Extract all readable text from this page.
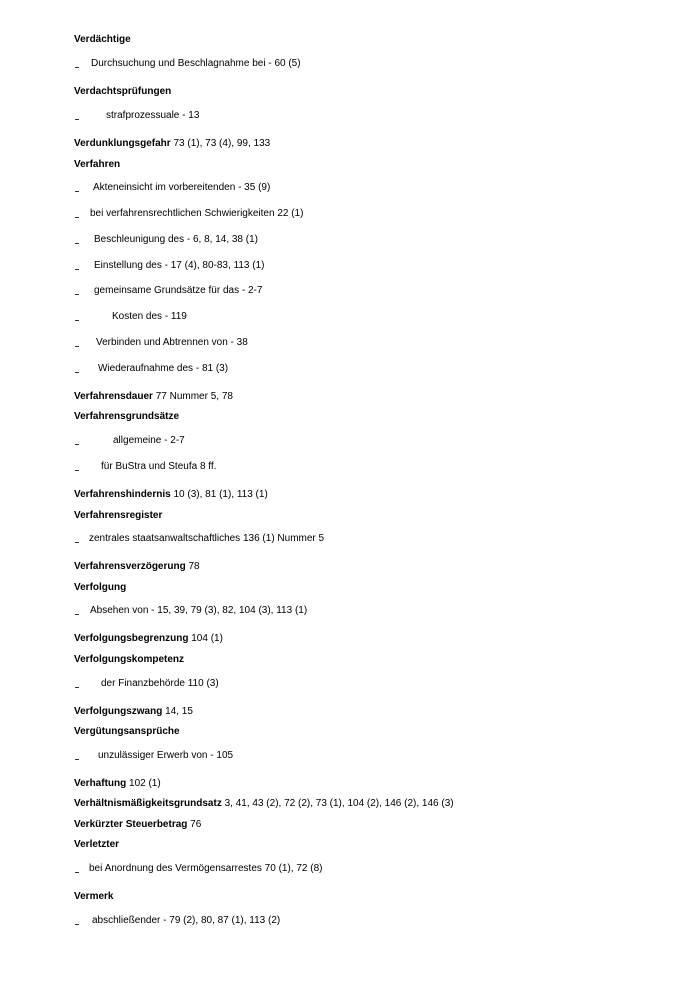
Verdächtige
Durchsuchung und Beschlagnahme bei - 60 (5)
Verdachtsprüfungen
strafprozessuale - 13
Verdunklungsgefahr 73 (1), 73 (4), 99, 133
Verfahren
Akteneinsicht im vorbereitenden - 35 (9)
bei verfahrensrechtlichen Schwierigkeiten 22 (1)
Beschleunigung des - 6, 8, 14, 38 (1)
Einstellung des - 17 (4), 80-83, 113 (1)
gemeinsame Grundsätze für das - 2-7
Kosten des - 119
Verbinden und Abtrennen von - 38
Wiederaufnahme des - 81 (3)
Verfahrensdauer 77 Nummer 5, 78
Verfahrensgrundsätze
allgemeine - 2-7
für BuStra und Steufa 8 ff.
Verfahrenshindernis 10 (3), 81 (1), 113 (1)
Verfahrensregister
zentrales staatsanwaltschaftliches 136 (1) Nummer 5
Verfahrensverzögerung 78
Verfolgung
Absehen von - 15, 39, 79 (3), 82, 104 (3), 113 (1)
Verfolgungsbegrenzung 104 (1)
Verfolgungskompetenz
der Finanzbehörde 110 (3)
Verfolgungszwang 14, 15
Vergütungsansprüche
unzulässiger Erwerb von - 105
Verhaftung 102 (1)
Verhältnismäßigkeitsgrundsatz 3, 41, 43 (2), 72 (2), 73 (1), 104 (2), 146 (2), 146 (3)
Verkürzter Steuerbetrag 76
Verletzter
bei Anordnung des Vermögensarrestes 70 (1), 72 (8)
Vermerk
abschließender - 79 (2), 80, 87 (1), 113 (2)
